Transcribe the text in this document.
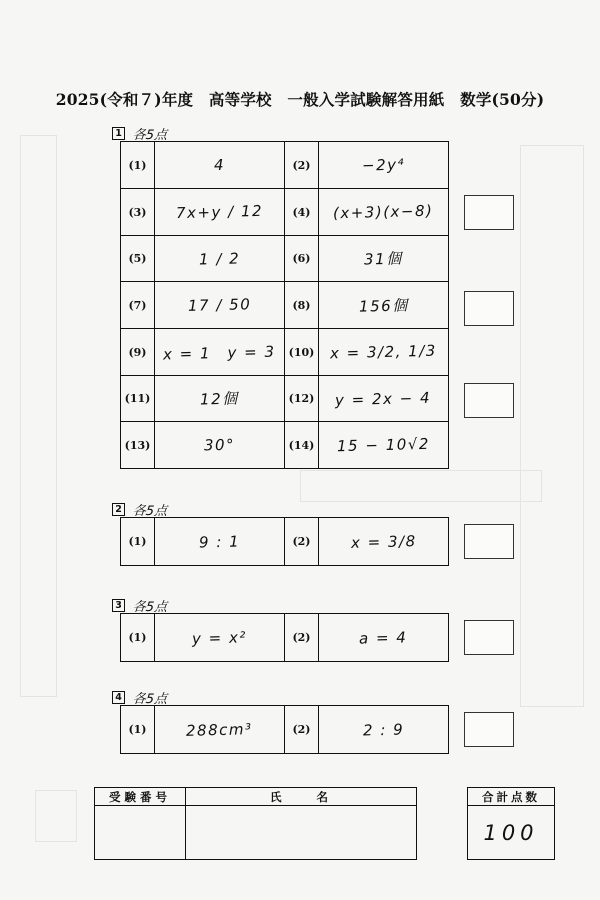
2025(令和７)年度　高等学校　一般入学試験解答用紙　数学(50分)
1 各5点
(1)	4	(2)	−2y⁴
(3)	7x+y / 12	(4)	(x+3)(x−8)
(5)	1 / 2	(6)	31個
(7)	17 / 50	(8)	156個
(9)	x = 1　y = 3	(10)	x = 3/2, 1/3
(11)	12個	(12)	y = 2x − 4
(13)	30°	(14)	15 − 10√2
2 各5点
(1)	9 : 1	(2)	x = 3/8
3 各5点
(1)	y = x²	(2)	a = 4
4 各5点
(1)	288cm³	(2)	2 : 9
受験番号	氏　　名
		合計点数
100
